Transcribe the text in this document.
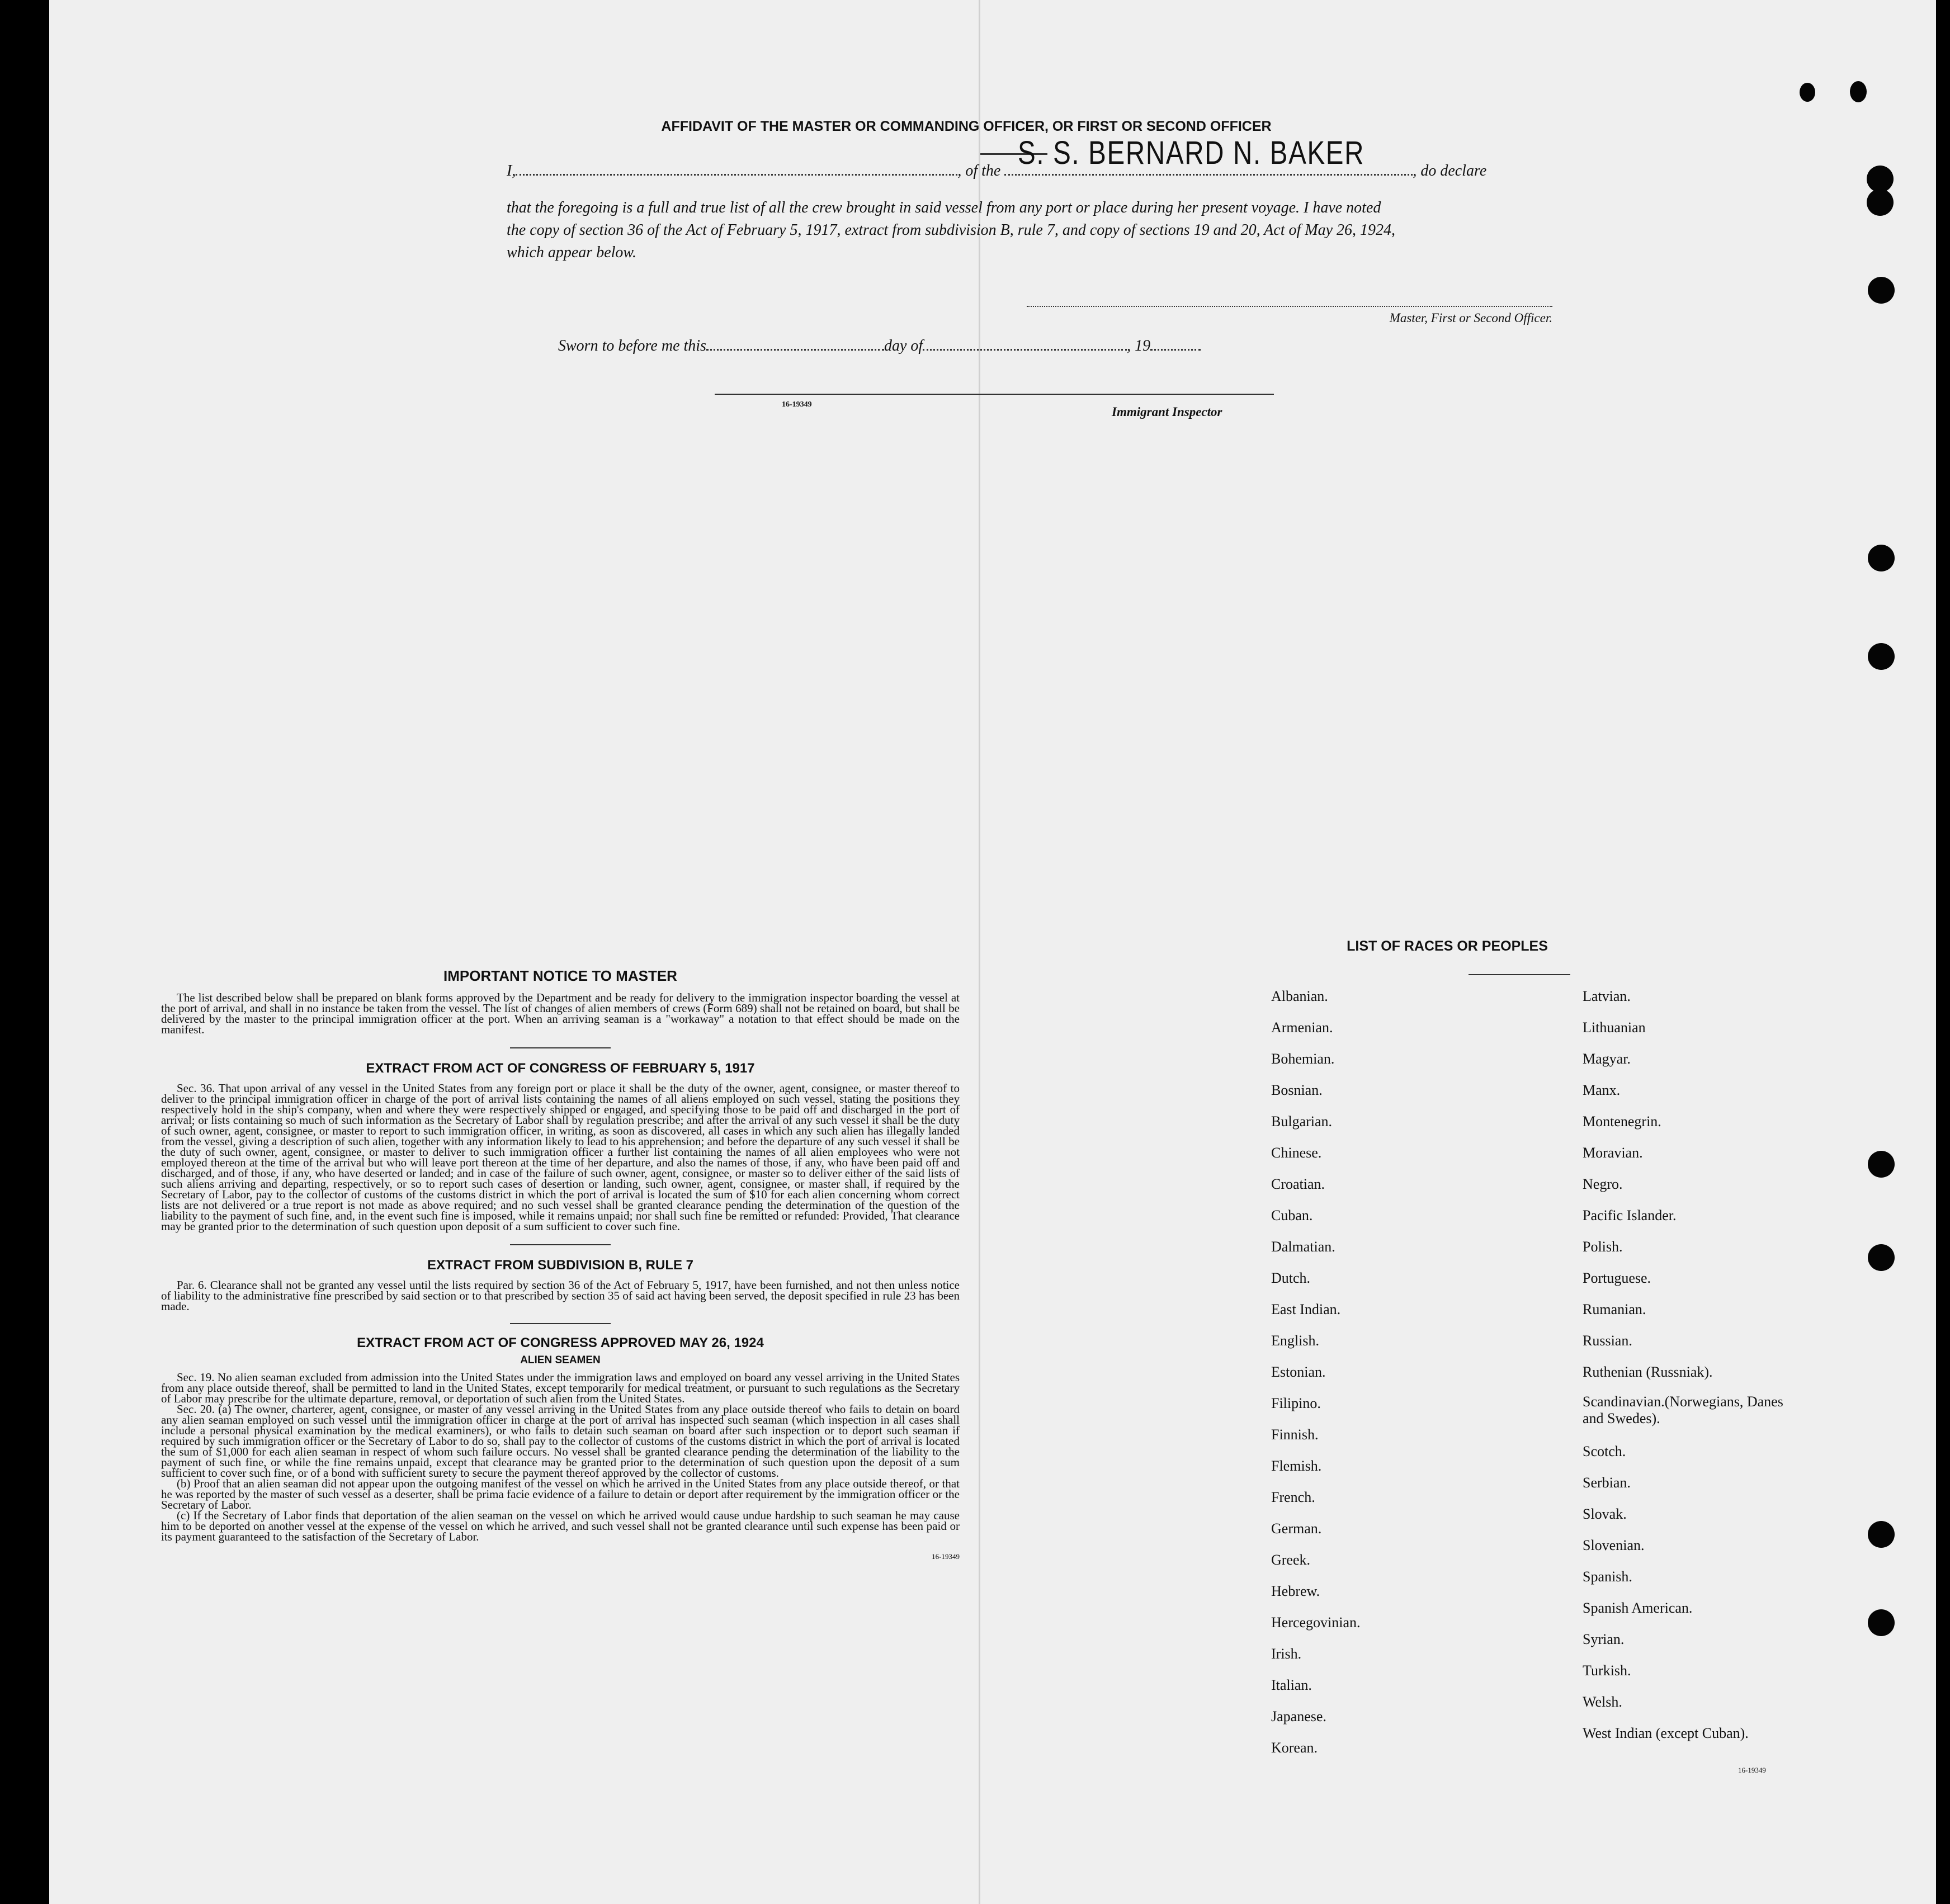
AFFIDAVIT OF THE MASTER OR COMMANDING OFFICER, OR FIRST OR SECOND OFFICER
I,	, of the S. S. BERNARD N. BAKER	, do declare
that the foregoing is a full and true list of all the crew brought in said vessel from any port or place during her present voyage. I have noted
the copy of section 36 of the Act of February 5, 1917, extract from subdivision B, rule 7, and copy of sections 19 and 20, Act of May 26, 1924,
which appear below.
Master, First or Second Officer.
Sworn to before me this	day of	, 19
16-19349
Immigrant Inspector
IMPORTANT NOTICE TO MASTER
The list described below shall be prepared on blank forms approved by the Department and be ready for delivery to the immigration inspector boarding the vessel at the port of arrival, and shall in no instance be taken from the vessel. The list of changes of alien members of crews (Form 689) shall not be retained on board, but shall be delivered by the master to the principal immigration officer at the port. When an arriving seaman is a "workaway" a notation to that effect should be made on the manifest.
EXTRACT FROM ACT OF CONGRESS OF FEBRUARY 5, 1917
Sec. 36. That upon arrival of any vessel in the United States from any foreign port or place it shall be the duty of the owner, agent, consignee, or master thereof to deliver to the principal immigration officer in charge of the port of arrival lists containing the names of all aliens employed on such vessel, stating the positions they respectively hold in the ship's company, when and where they were respectively shipped or engaged, and specifying those to be paid off and discharged in the port of arrival; or lists containing so much of such information as the Secretary of Labor shall by regulation prescribe; and after the arrival of any such vessel it shall be the duty of such owner, agent, consignee, or master to report to such immigration officer, in writing, as soon as discovered, all cases in which any such alien has illegally landed from the vessel, giving a description of such alien, together with any information likely to lead to his apprehension; and before the departure of any such vessel it shall be the duty of such owner, agent, consignee, or master to deliver to such immigration officer a further list containing the names of all alien employees who were not employed thereon at the time of the arrival but who will leave port thereon at the time of her departure, and also the names of those, if any, who have been paid off and discharged, and of those, if any, who have deserted or landed; and in case of the failure of such owner, agent, consignee, or master so to deliver either of the said lists of such aliens arriving and departing, respectively, or so to report such cases of desertion or landing, such owner, agent, consignee, or master shall, if required by the Secretary of Labor, pay to the collector of customs of the customs district in which the port of arrival is located the sum of $10 for each alien concerning whom correct lists are not delivered or a true report is not made as above required; and no such vessel shall be granted clearance pending the determination of the question of the liability to the payment of such fine, and, in the event such fine is imposed, while it remains unpaid; nor shall such fine be remitted or refunded: Provided, That clearance may be granted prior to the determination of such question upon deposit of a sum sufficient to cover such fine.
EXTRACT FROM SUBDIVISION B, RULE 7
Par. 6. Clearance shall not be granted any vessel until the lists required by section 36 of the Act of February 5, 1917, have been furnished, and not then unless notice of liability to the administrative fine prescribed by said section or to that prescribed by section 35 of said act having been served, the deposit specified in rule 23 has been made.
EXTRACT FROM ACT OF CONGRESS APPROVED MAY 26, 1924
ALIEN SEAMEN
Sec. 19. No alien seaman excluded from admission into the United States under the immigration laws and employed on board any vessel arriving in the United States from any place outside thereof, shall be permitted to land in the United States, except temporarily for medical treatment, or pursuant to such regulations as the Secretary of Labor may prescribe for the ultimate departure, removal, or deportation of such alien from the United States.
Sec. 20. (a) The owner, charterer, agent, consignee, or master of any vessel arriving in the United States from any place outside thereof who fails to detain on board any alien seaman employed on such vessel until the immigration officer in charge at the port of arrival has inspected such seaman (which inspection in all cases shall include a personal physical examination by the medical examiners), or who fails to detain such seaman on board after such inspection or to deport such seaman if required by such immigration officer or the Secretary of Labor to do so, shall pay to the collector of customs of the customs district in which the port of arrival is located the sum of $1,000 for each alien seaman in respect of whom such failure occurs. No vessel shall be granted clearance pending the determination of the liability to the payment of such fine, or while the fine remains unpaid, except that clearance may be granted prior to the determination of such question upon the deposit of a sum sufficient to cover such fine, or of a bond with sufficient surety to secure the payment thereof approved by the collector of customs.
(b) Proof that an alien seaman did not appear upon the outgoing manifest of the vessel on which he arrived in the United States from any place outside thereof, or that he was reported by the master of such vessel as a deserter, shall be prima facie evidence of a failure to detain or deport after requirement by the immigration officer or the Secretary of Labor.
(c) If the Secretary of Labor finds that deportation of the alien seaman on the vessel on which he arrived would cause undue hardship to such seaman he may cause him to be deported on another vessel at the expense of the vessel on which he arrived, and such vessel shall not be granted clearance until such expense has been paid or its payment guaranteed to the satisfaction of the Secretary of Labor.
16-19349
LIST OF RACES OR PEOPLES
Albanian.
Armenian.
Bohemian.
Bosnian.
Bulgarian.
Chinese.
Croatian.
Cuban.
Dalmatian.
Dutch.
East Indian.
English.
Estonian.
Filipino.
Finnish.
Flemish.
French.
German.
Greek.
Hebrew.
Hercegovinian.
Irish.
Italian.
Japanese.
Korean.
Latvian.
Lithuanian
Magyar.
Manx.
Montenegrin.
Moravian.
Negro.
Pacific Islander.
Polish.
Portuguese.
Rumanian.
Russian.
Ruthenian (Russniak).
Scandinavian.(Norwegians, Danes and Swedes).
Scotch.
Serbian.
Slovak.
Slovenian.
Spanish.
Spanish American.
Syrian.
Turkish.
Welsh.
West Indian (except Cuban).
16-19349
